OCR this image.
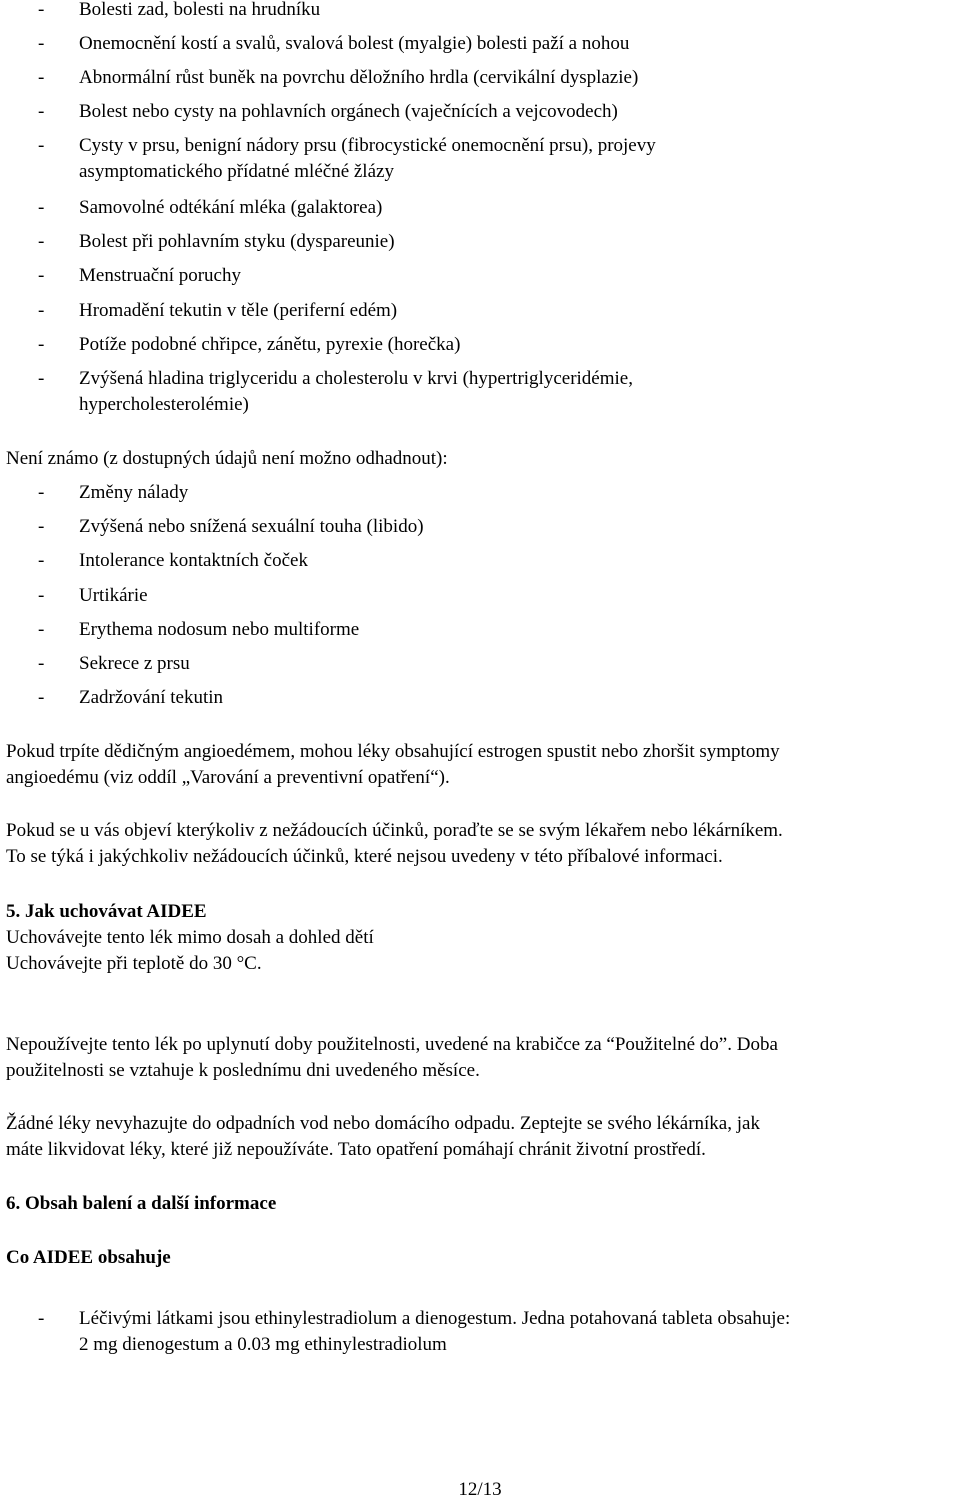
- Bolesti zad, bolesti na hrudníku
- Onemocnění kostí a svalů, svalová bolest (myalgie) bolesti paží a nohou
- Abnormální růst buněk na povrchu děložního hrdla (cervikální dysplazie)
- Bolest nebo cysty na pohlavních orgánech (vaječnících a vejcovodech)
- Cysty v prsu, benigní nádory prsu (fibrocystické onemocnění prsu), projevy
asymptomatického přídatné mléčné žlázy
- Samovolné odtékání mléka (galaktorea)
- Bolest při pohlavním styku (dyspareunie)
- Menstruační poruchy
- Hromadění tekutin v těle (periferní edém)
- Potíže podobné chřipce, zánětu, pyrexie (horečka)
- Zvýšená hladina triglyceridu a cholesterolu v krvi (hypertriglyceridémie,
hypercholesterolémie)
Není známo (z dostupných údajů není možno odhadnout):
- Změny nálady
- Zvýšená nebo snížená sexuální touha (libido)
- Intolerance kontaktních čoček
- Urtikárie
- Erythema nodosum nebo multiforme
- Sekrece z prsu
- Zadržování tekutin
Pokud trpíte dědičným angioedémem, mohou léky obsahující estrogen spustit nebo zhoršit symptomy
angioedému (viz oddíl „Varování a preventivní opatření“).
Pokud se u vás objeví kterýkoliv z nežádoucích účinků, poraďte se se svým lékařem nebo lékárníkem.
To se týká i jakýchkoliv nežádoucích účinků, které nejsou uvedeny v této příbalové informaci.
5. Jak uchovávat AIDEE
Uchovávejte tento lék mimo dosah a dohled dětí
Uchovávejte při teplotě do 30 °C.
Nepoužívejte tento lék po uplynutí doby použitelnosti, uvedené na krabičce za “Použitelné do”. Doba
použitelnosti se vztahuje k poslednímu dni uvedeného měsíce.
Žádné léky nevyhazujte do odpadních vod nebo domácího odpadu. Zeptejte se svého lékárníka, jak
máte likvidovat léky, které již nepoužíváte. Tato opatření pomáhají chránit životní prostředí.
6. Obsah balení a další informace
Co AIDEE obsahuje
- Léčivými látkami jsou ethinylestradiolum a dienogestum. Jedna potahovaná tableta obsahuje:
2 mg dienogestum a 0.03 mg ethinylestradiolum
12/13
